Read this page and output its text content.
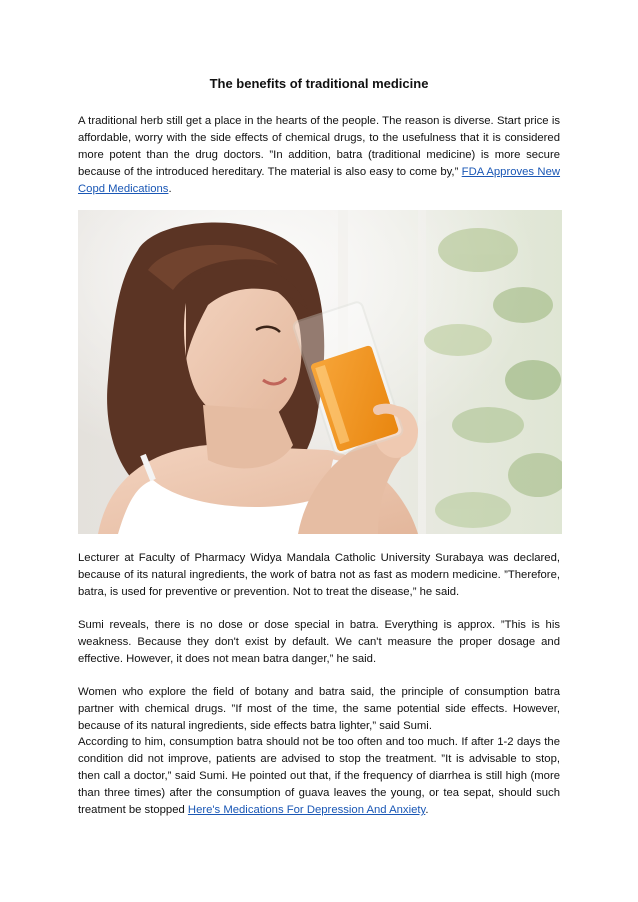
The benefits of traditional medicine

A traditional herb still get a place in the hearts of the people. The reason is diverse. Start price is affordable, worry with the side effects of chemical drugs, to the usefulness that it is considered more potent than the drug doctors. ”In addition, batra (traditional medicine) is more secure because of the introduced hereditary. The material is also easy to come by,” FDA Approves New Copd Medications.

Lecturer at Faculty of Pharmacy Widya Mandala Catholic University Surabaya was declared, because of its natural ingredients, the work of batra not as fast as modern medicine. ”Therefore, batra, is used for preventive or prevention. Not to treat the disease,” he said.

Sumi reveals, there is no dose or dose special in batra. Everything is approx. ”This is his weakness. Because they don't exist by default. We can't measure the proper dosage and effective. However, it does not mean batra danger,” he said.

Women who explore the field of botany and batra said, the principle of consumption batra partner with chemical drugs. ”If most of the time, the same potential side effects. However, because of its natural ingredients, side effects batra lighter,” said Sumi.

According to him, consumption batra should not be too often and too much. If after 1-2 days the condition did not improve, patients are advised to stop the treatment. ”It is advisable to stop, then call a doctor,” said Sumi. He pointed out that, if the frequency of diarrhea is still high (more than three times) after the consumption of guava leaves the young, or tea sepat, should such treatment be stopped Here's Medications For Depression And Anxiety.
